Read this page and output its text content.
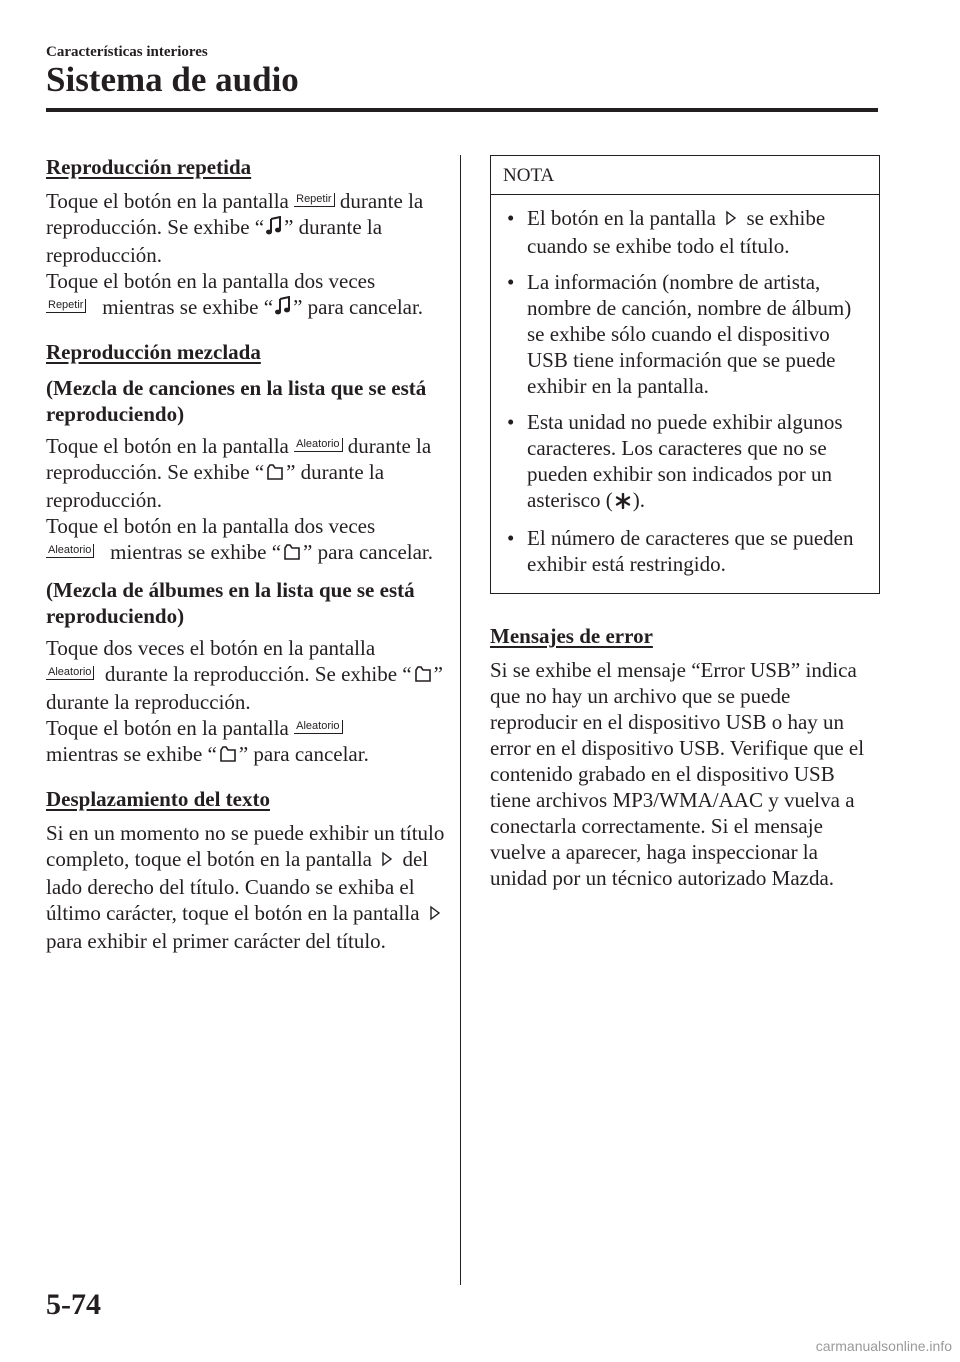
Características interiores

Sistema de audio
Reproducción repetida

Toque el botón en la pantalla Repetir durante la reproducción. Se exhibe “ ” durante la reproducción.
Toque el botón en la pantalla dos veces
Repetir mientras se exhibe “ ” para cancelar.

Reproducción mezclada
(Mezcla de canciones en la lista que se está reproduciendo)

Toque el botón en la pantalla Aleatorio durante la reproducción. Se exhibe “ ” durante la reproducción.
Toque el botón en la pantalla dos veces
Aleatorio mientras se exhibe “ ” para cancelar.

(Mezcla de álbumes en la lista que se está reproduciendo)

Toque dos veces el botón en la pantalla
Aleatorio durante la reproducción. Se exhibe “ ” durante la reproducción.
Toque el botón en la pantalla Aleatorio
mientras se exhibe “ ” para cancelar.

Desplazamiento del texto

Si en un momento no se puede exhibir un título completo, toque el botón en la pantalla del lado derecho del título. Cuando se exhiba el último carácter, toque el botón en la pantalla  para exhibir el primer carácter del título.

NOTA

• El botón en la pantalla se exhibe cuando se exhibe todo el título.
• La información (nombre de artista, nombre de canción, nombre de álbum) se exhibe sólo cuando el dispositivo USB tiene información que se puede exhibir en la pantalla.
• Esta unidad no puede exhibir algunos caracteres. Los caracteres que no se pueden exhibir son indicados por un asterisco ( ).
• El número de caracteres que se pueden exhibir está restringido.
Mensajes de error

Si se exhibe el mensaje “Error USB” indica que no hay un archivo que se puede reproducir en el dispositivo USB o hay un error en el dispositivo USB. Verifique que el contenido grabado en el dispositivo USB tiene archivos MP3/WMA/AAC y vuelva a conectarla correctamente. Si el mensaje vuelve a aparecer, haga inspeccionar la unidad por un técnico autorizado Mazda.

5-74

carmanualsonline.info
